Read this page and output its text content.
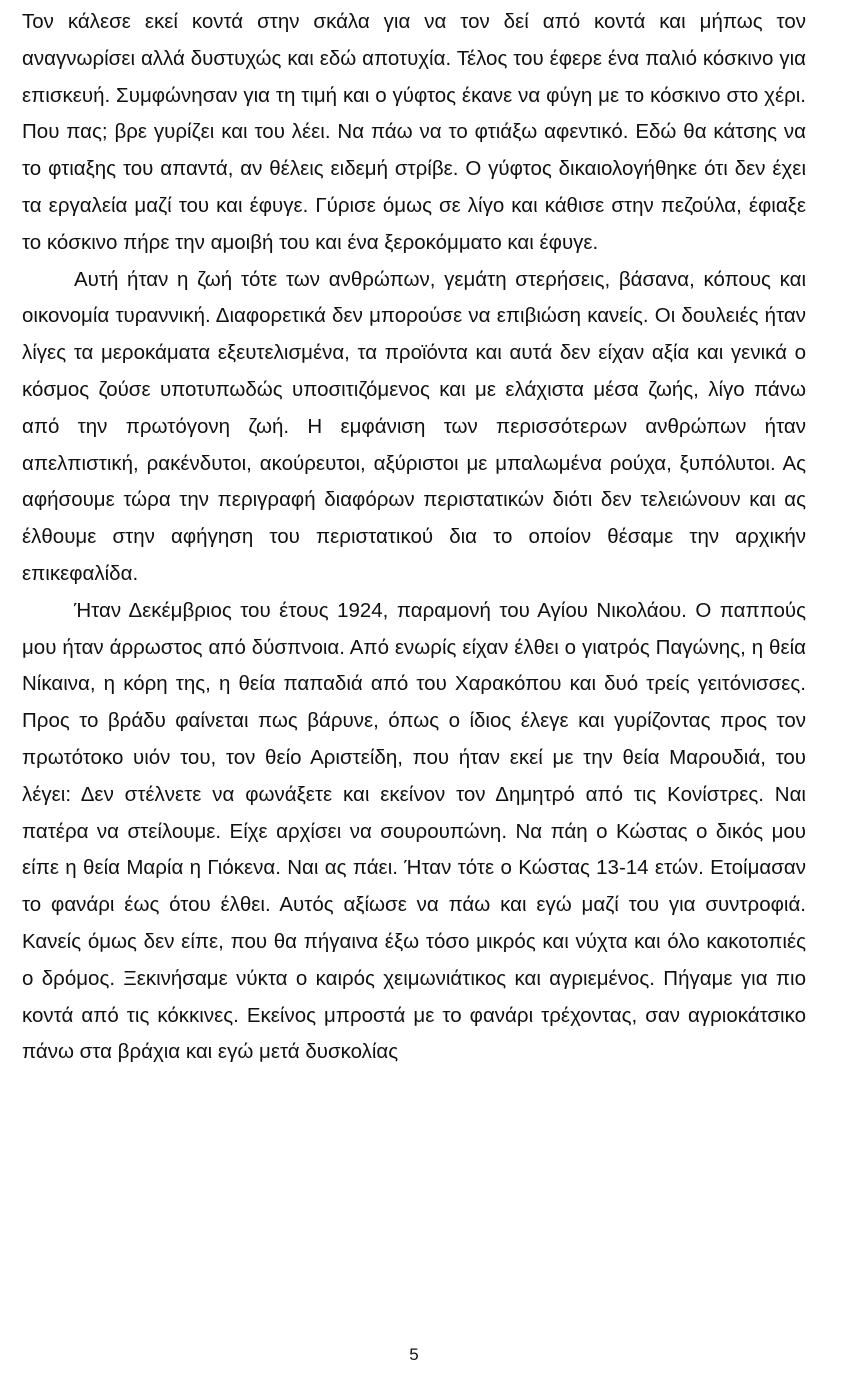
Τον κάλεσε εκεί κοντά στην σκάλα για να τον δεί από κοντά και μήπως τον αναγνωρίσει αλλά δυστυχώς και εδώ αποτυχία. Τέλος του έφερε ένα παλιό κόσκινο για επισκευή. Συμφώνησαν για τη τιμή και ο γύφτος έκανε να φύγη με το κόσκινο στο χέρι. Που πας; βρε γυρίζει και του λέει. Να πάω να το φτιάξω αφεντικό. Εδώ θα κάτσης να το φτιαξης του απαντά, αν θέλεις ειδεμή στρίβε. Ο γύφτος δικαιολογήθηκε ότι δεν έχει τα εργαλεία μαζί του και έφυγε. Γύρισε όμως σε λίγο και κάθισε στην πεζούλα, έφιαξε το κόσκινο πήρε την αμοιβή του και ένα ξεροκόμματο και έφυγε.

Αυτή ήταν η ζωή τότε των ανθρώπων, γεμάτη στερήσεις, βάσανα, κόπους και οικονομία τυραννική. Διαφορετικά δεν μπορούσε να επιβιώση κανείς. Οι δουλειές ήταν λίγες τα μεροκάματα εξευτελισμένα, τα προϊόντα και αυτά δεν είχαν αξία και γενικά ο κόσμος ζούσε υποτυπωδώς υποσιτιζόμενος και με ελάχιστα μέσα ζωής, λίγο πάνω από την πρωτόγονη ζωή. Η εμφάνιση των περισσότερων ανθρώπων ήταν απελπιστική, ρακένδυτοι, ακούρευτοι, αξύριστοι με μπαλωμένα ρούχα, ξυπόλυτοι. Ας αφήσουμε τώρα την περιγραφή διαφόρων περιστατικών διότι δεν τελειώνουν και ας έλθουμε στην αφήγηση του περιστατικού δια το οποίον θέσαμε την αρχικήν επικεφαλίδα.

Ήταν Δεκέμβριος του έτους 1924, παραμονή του Αγίου Νικολάου. Ο παππούς μου ήταν άρρωστος από δύσπνοια. Από ενωρίς είχαν έλθει ο γιατρός Παγώνης, η θεία Νίκαινα, η κόρη της, η θεία παπαδιά από του Χαρακόπου και δυό τρείς γειτόνισσες. Προς το βράδυ φαίνεται πως βάρυνε, όπως ο ίδιος έλεγε και γυρίζοντας προς τον πρωτότοκο υιόν του, τον θείο Αριστείδη, που ήταν εκεί με την θεία Μαρουδιά, του λέγει: Δεν στέλνετε να φωνάξετε και εκείνον τον Δημητρό από τις Κονίστρες. Ναι πατέρα να στείλουμε. Είχε αρχίσει να σουρουπώνη. Να πάη ο Κώστας ο δικός μου είπε η θεία Μαρία η Γιόκενα. Ναι ας πάει. Ήταν τότε ο Κώστας 13-14 ετών. Ετοίμασαν το φανάρι έως ότου έλθει. Αυτός αξίωσε να πάω και εγώ μαζί του για συντροφιά. Κανείς όμως δεν είπε, που θα πήγαινα έξω τόσο μικρός και νύχτα και όλο κακοτοπιές ο δρόμος. Ξεκινήσαμε νύκτα ο καιρός χειμωνιάτικος και αγριεμένος. Πήγαμε για πιο κοντά από τις κόκκινες. Εκείνος μπροστά με το φανάρι τρέχοντας, σαν αγριοκάτσικο πάνω στα βράχια και εγώ μετά δυσκολίας

5
